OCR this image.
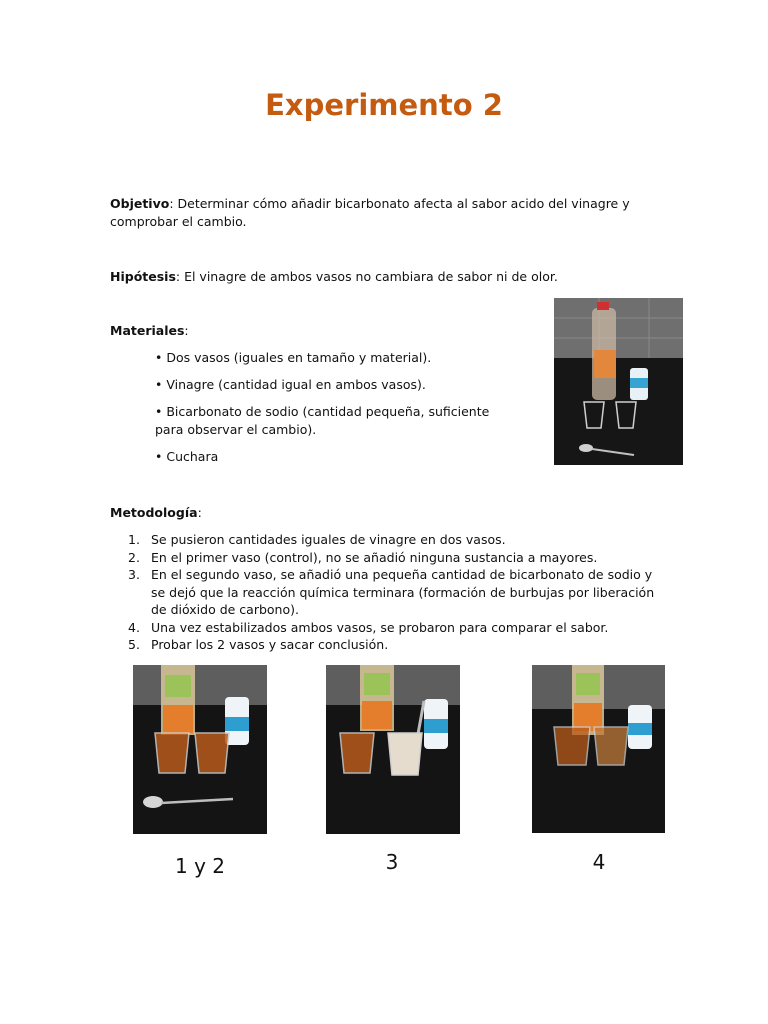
Experimento 2
Objetivo: Determinar cómo añadir bicarbonato afecta al sabor acido del vinagre y comprobar el cambio.
Hipótesis: El vinagre de ambos vasos no cambiara de sabor ni de olor.
Materiales:
• Dos vasos (iguales en tamaño y material).
• Vinagre (cantidad igual en ambos vasos).
• Bicarbonato de sodio (cantidad pequeña, suficiente para observar el cambio).
• Cuchara
Metodología:
1. Se pusieron cantidades iguales de vinagre en dos vasos.
2. En el primer vaso (control), no se añadió ninguna sustancia a mayores.
3. En el segundo vaso, se añadió una pequeña cantidad de bicarbonato de sodio y se dejó que la reacción química terminara (formación de burbujas por liberación de dióxido de carbono).
4. Una vez estabilizados ambos vasos, se probaron para comparar el sabor.
5. Probar los 2 vasos y sacar conclusión.
1 y 2	3	4
